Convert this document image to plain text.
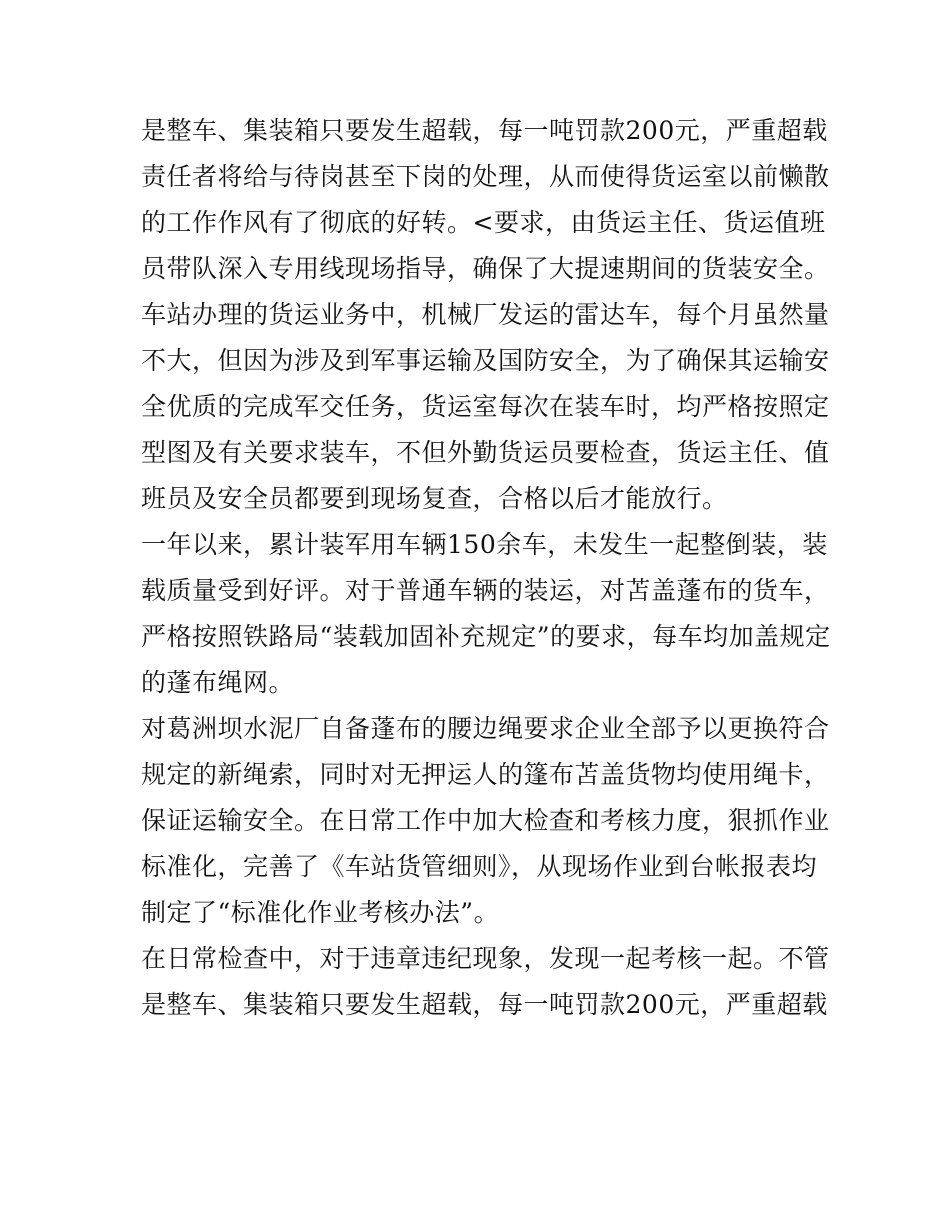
是整车、集装箱只要发生超载，每一吨罚款200元，严重超载
责任者将给与待岗甚至下岗的处理，从而使得货运室以前懒散
的工作作风有了彻底的好转。<要求，由货运主任、货运值班
员带队深入专用线现场指导，确保了大提速期间的货装安全。
车站办理的货运业务中，机械厂发运的雷达车，每个月虽然量
不大，但因为涉及到军事运输及国防安全，为了确保其运输安
全优质的完成军交任务，货运室每次在装车时，均严格按照定
型图及有关要求装车，不但外勤货运员要检查，货运主任、值
班员及安全员都要到现场复查，合格以后才能放行。
一年以来，累计装军用车辆150余车，未发生一起整倒装，装
载质量受到好评。对于普通车辆的装运，对苫盖蓬布的货车，
严格按照铁路局“装载加固补充规定”的要求，每车均加盖规定
的蓬布绳网。
对葛洲坝水泥厂自备蓬布的腰边绳要求企业全部予以更换符合
规定的新绳索，同时对无押运人的篷布苫盖货物均使用绳卡，
保证运输安全。在日常工作中加大检查和考核力度，狠抓作业
标准化，完善了《车站货管细则》，从现场作业到台帐报表均
制定了“标准化作业考核办法”。
在日常检查中，对于违章违纪现象，发现一起考核一起。不管
是整车、集装箱只要发生超载，每一吨罚款200元，严重超载
